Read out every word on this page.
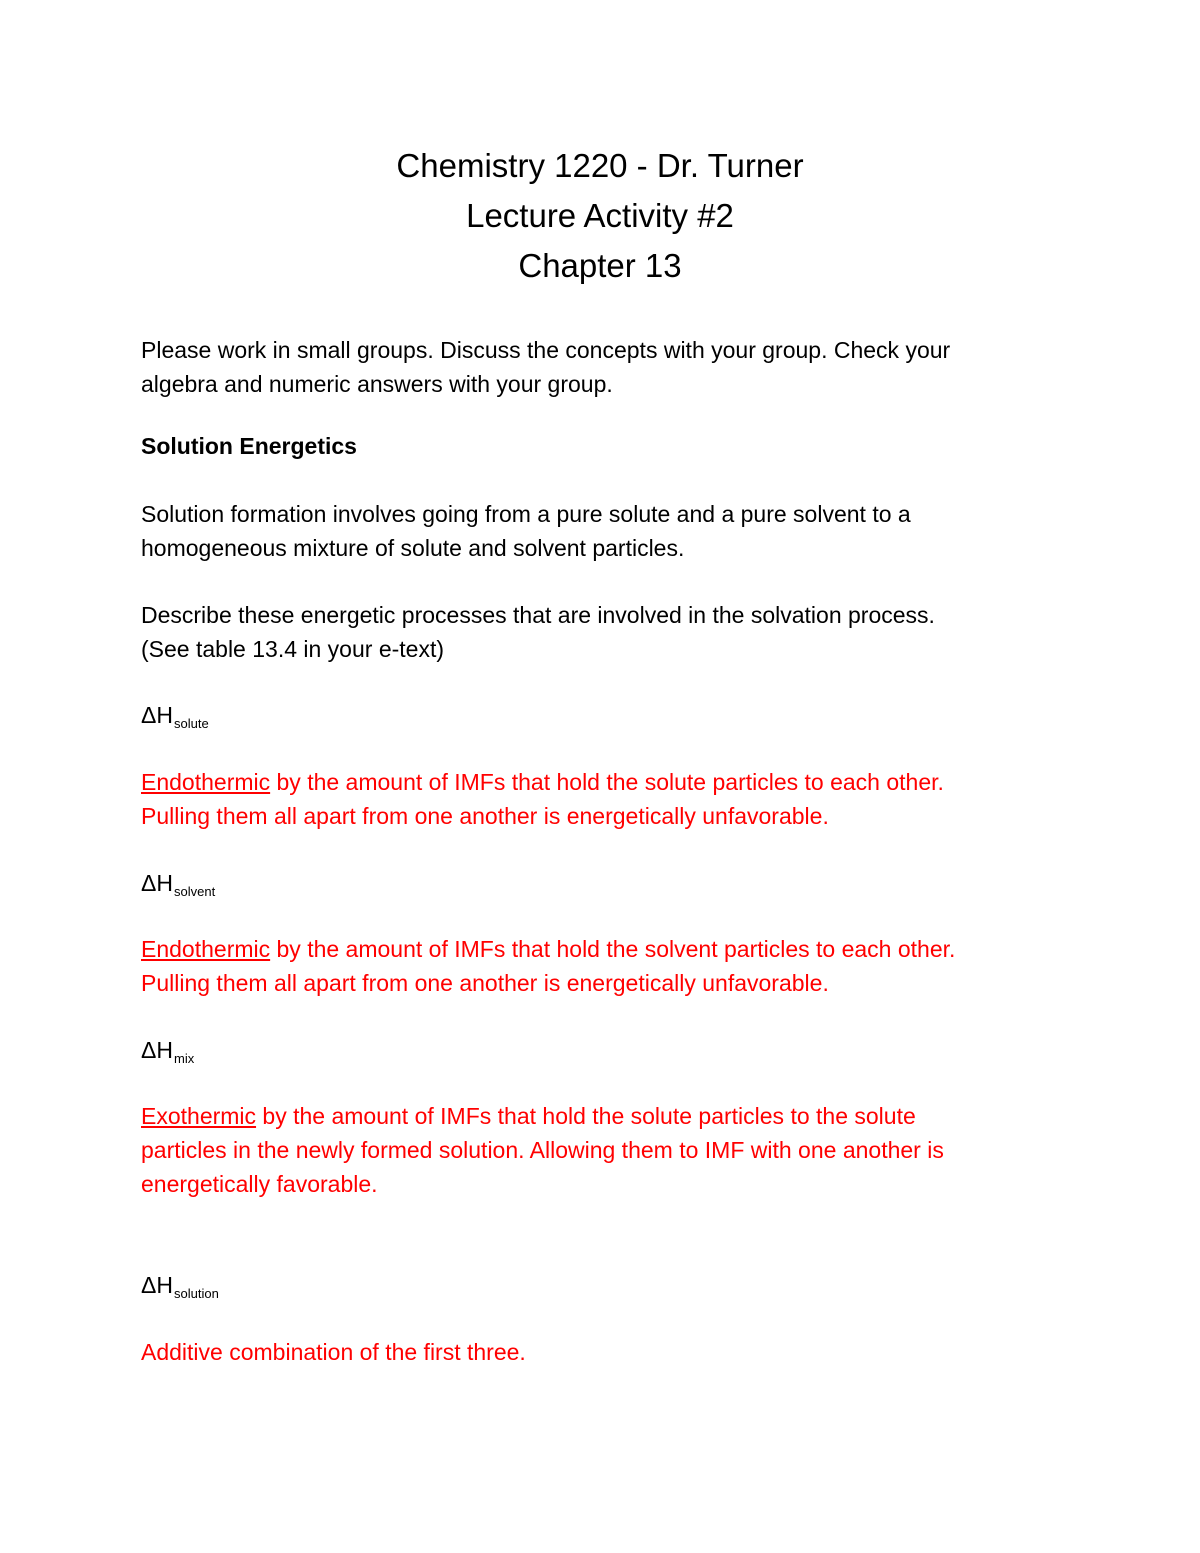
Chemistry 1220 - Dr. Turner
Lecture Activity #2
Chapter 13
Please work in small groups. Discuss the concepts with your group. Check your
algebra and numeric answers with your group.
Solution Energetics
Solution formation involves going from a pure solute and a pure solvent to a
homogeneous mixture of solute and solvent particles.
Describe these energetic processes that are involved in the solvation process.
(See table 13.4 in your e-text)
$\Delta H_{solute}$
Endothermic by the amount of IMFs that hold the solute particles to each other.
Pulling them all apart from one another is energetically unfavorable.
$\Delta H_{solvent}$
Endothermic by the amount of IMFs that hold the solvent particles to each other.
Pulling them all apart from one another is energetically unfavorable.
$\Delta H_{mix}$
Exothermic by the amount of IMFs that hold the solute particles to the solute
particles in the newly formed solution. Allowing them to IMF with one another is
energetically favorable.
$\Delta H_{solution}$
Additive combination of the first three.
